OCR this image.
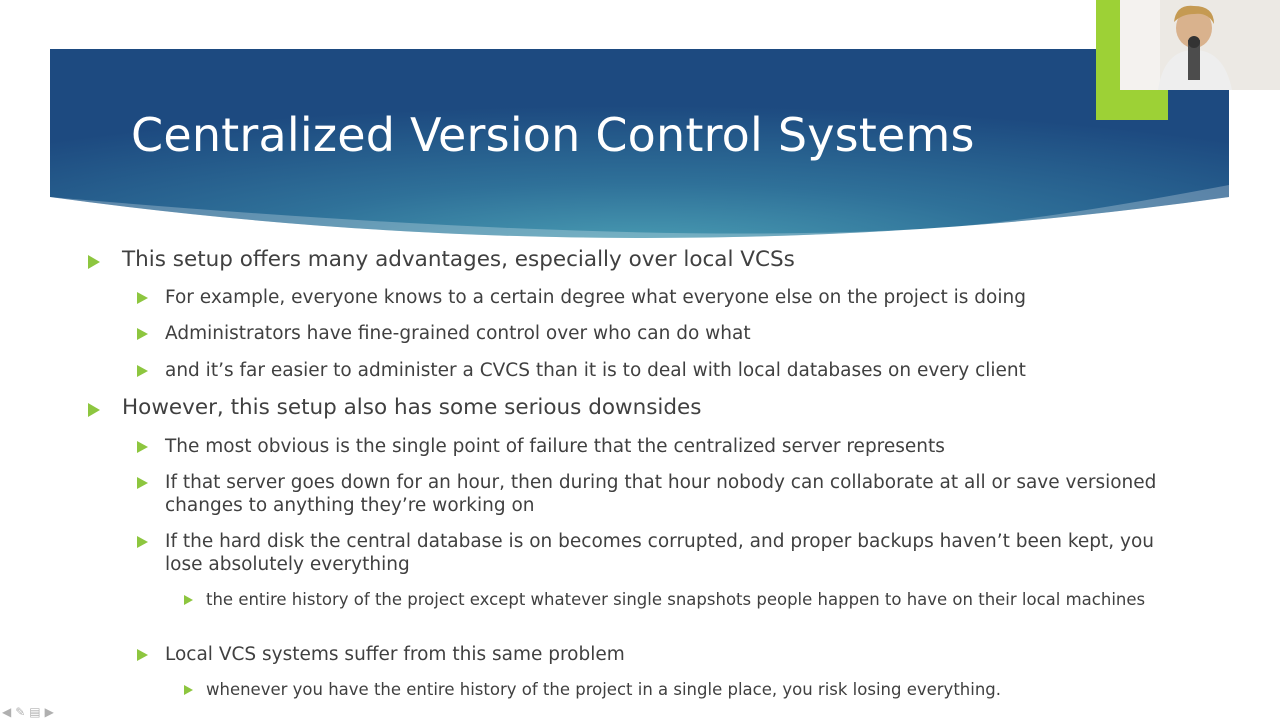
Centralized Version Control Systems
This setup offers many advantages, especially over local VCSs
For example, everyone knows to a certain degree what everyone else on the project is doing
Administrators have fine-grained control over who can do what
and it’s far easier to administer a CVCS than it is to deal with local databases on every client
However, this setup also has some serious downsides
The most obvious is the single point of failure that the centralized server represents
If that server goes down for an hour, then during that hour nobody can collaborate at all or save versioned changes to anything they’re working on
If the hard disk the central database is on becomes corrupted, and proper backups haven’t been kept, you lose absolutely everything
the entire history of the project except whatever single snapshots people happen to have on their local machines
Local VCS systems suffer from this same problem
whenever you have the entire history of the project in a single place, you risk losing everything.
◀ ✎ ▤ ▶
